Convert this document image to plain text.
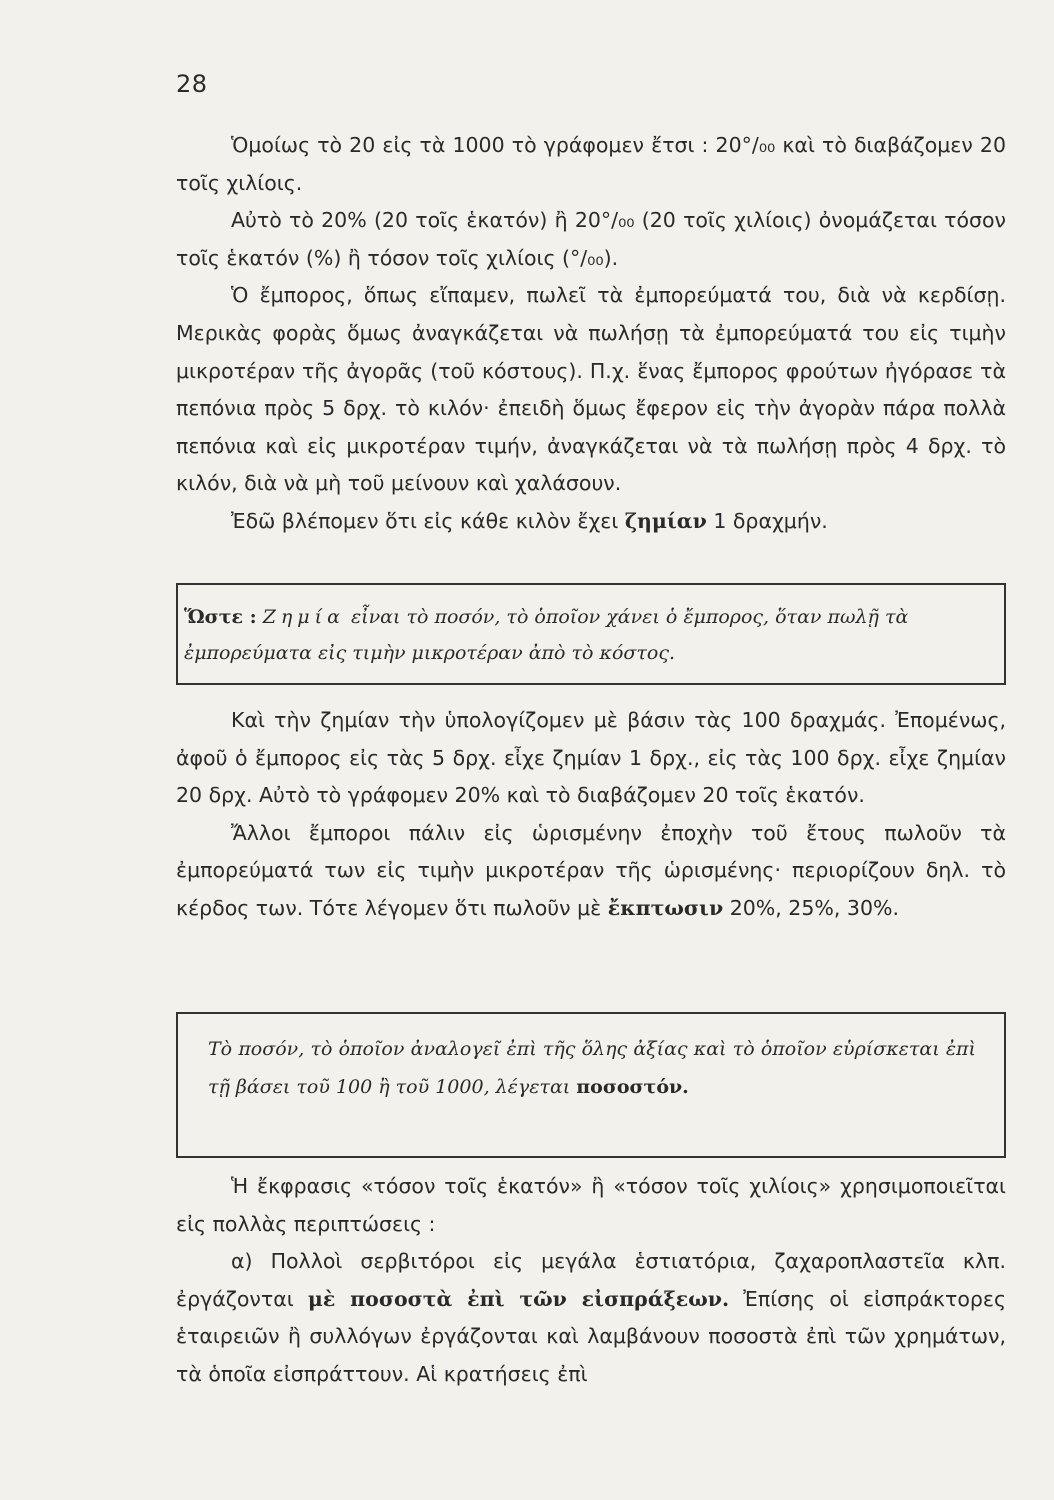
28

Ὁμοίως τὸ 20 εἰς τὰ 1000 τὸ γράφομεν ἔτσι : 20°/₀₀ καὶ τὸ διαβάζομεν 20 τοῖς χιλίοις.

Αὐτὸ τὸ 20% (20 τοῖς ἑκατόν) ἢ 20°/₀₀ (20 τοῖς χιλίοις) ὀνομάζεται τόσον τοῖς ἑκατόν (%) ἢ τόσον τοῖς χιλίοις (°/₀₀).

Ὁ ἔμπορος, ὅπως εἴπαμεν, πωλεῖ τὰ ἐμπορεύματά του, διὰ νὰ κερδίσῃ. Μερικὰς φορὰς ὅμως ἀναγκάζεται νὰ πωλήσῃ τὰ ἐμπορεύματά του εἰς τιμὴν μικροτέραν τῆς ἀγορᾶς (τοῦ κόστους). Π.χ. ἕνας ἔμπορος φρούτων ἠγόρασε τὰ πεπόνια πρὸς 5 δρχ. τὸ κιλόν· ἐπειδὴ ὅμως ἔφερον εἰς τὴν ἀγορὰν πάρα πολλὰ πεπόνια καὶ εἰς μικροτέραν τιμήν, ἀναγκάζεται νὰ τὰ πωλήσῃ πρὸς 4 δρχ. τὸ κιλόν, διὰ νὰ μὴ τοῦ μείνουν καὶ χαλάσουν.

Ἐδῶ βλέπομεν ὅτι εἰς κάθε κιλὸν ἔχει ζημίαν 1 δραχμήν.

Ὥστε : Ζημία εἶναι τὸ ποσόν, τὸ ὁποῖον χάνει ὁ ἔμπορος, ὅταν πωλῇ τὰ ἐμπορεύματα εἰς τιμὴν μικροτέραν ἀπὸ τὸ κόστος.

Καὶ τὴν ζημίαν τὴν ὑπολογίζομεν μὲ βάσιν τὰς 100 δραχμάς. Ἐπομένως, ἀφοῦ ὁ ἔμπορος εἰς τὰς 5 δρχ. εἶχε ζημίαν 1 δρχ., εἰς τὰς 100 δρχ. εἶχε ζημίαν 20 δρχ. Αὐτὸ τὸ γράφομεν 20% καὶ τὸ διαβάζομεν 20 τοῖς ἑκατόν.

Ἄλλοι ἔμποροι πάλιν εἰς ὡρισμένην ἐποχὴν τοῦ ἔτους πωλοῦν τὰ ἐμπορεύματά των εἰς τιμὴν μικροτέραν τῆς ὡρισμένης· περιορίζουν δηλ. τὸ κέρδος των. Τότε λέγομεν ὅτι πωλοῦν μὲ ἔκπτωσιν 20%, 25%, 30%.

Τὸ ποσόν, τὸ ὁποῖον ἀναλογεῖ ἐπὶ τῆς ὅλης ἀξίας καὶ τὸ ὁποῖον εὑρίσκεται ἐπὶ τῇ βάσει τοῦ 100 ἢ τοῦ 1000, λέγεται ποσοστόν.

Ἡ ἔκφρασις «τόσον τοῖς ἑκατόν» ἢ «τόσον τοῖς χιλίοις» χρησιμοποιεῖται εἰς πολλὰς περιπτώσεις :

α) Πολλοὶ σερβιτόροι εἰς μεγάλα ἑστιατόρια, ζαχαροπλαστεῖα κλπ. ἐργάζονται μὲ ποσοστὰ ἐπὶ τῶν εἰσπράξεων. Ἐπίσης οἱ εἰσπράκτορες ἑταιρειῶν ἢ συλλόγων ἐργάζονται καὶ λαμβάνουν ποσοστὰ ἐπὶ τῶν χρημάτων, τὰ ὁποῖα εἰσπράττουν. Αἱ κρατήσεις ἐπὶ
